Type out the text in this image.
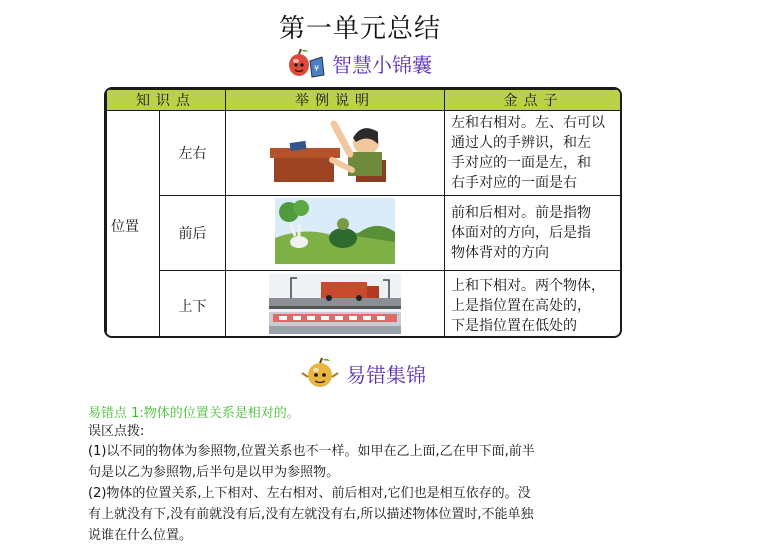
第一单元总结
¥ 智慧小锦囊
知识点		举例说明	金点子
位置	左右		左和右相对。左、右可以
通过人的手辨识，和左
手对应的一面是左，和
右手对应的一面是右

	前后		前和后相对。前是指物
体面对的方向，后是指
物体背对的方向

	上下		上和下相对。两个物体，
上是指位置在高处的，
下是指位置在低处的
易错集锦
易错点 1:物体的位置关系是相对的。
误区点拨:
(1)以不同的物体为参照物,位置关系也不一样。如甲在乙上面,乙在甲下面,前半
句是以乙为参照物,后半句是以甲为参照物。
(2)物体的位置关系,上下相对、左右相对、前后相对,它们也是相互依存的。没
有上就没有下,没有前就没有后,没有左就没有右,所以描述物体位置时,不能单独
说谁在什么位置。
